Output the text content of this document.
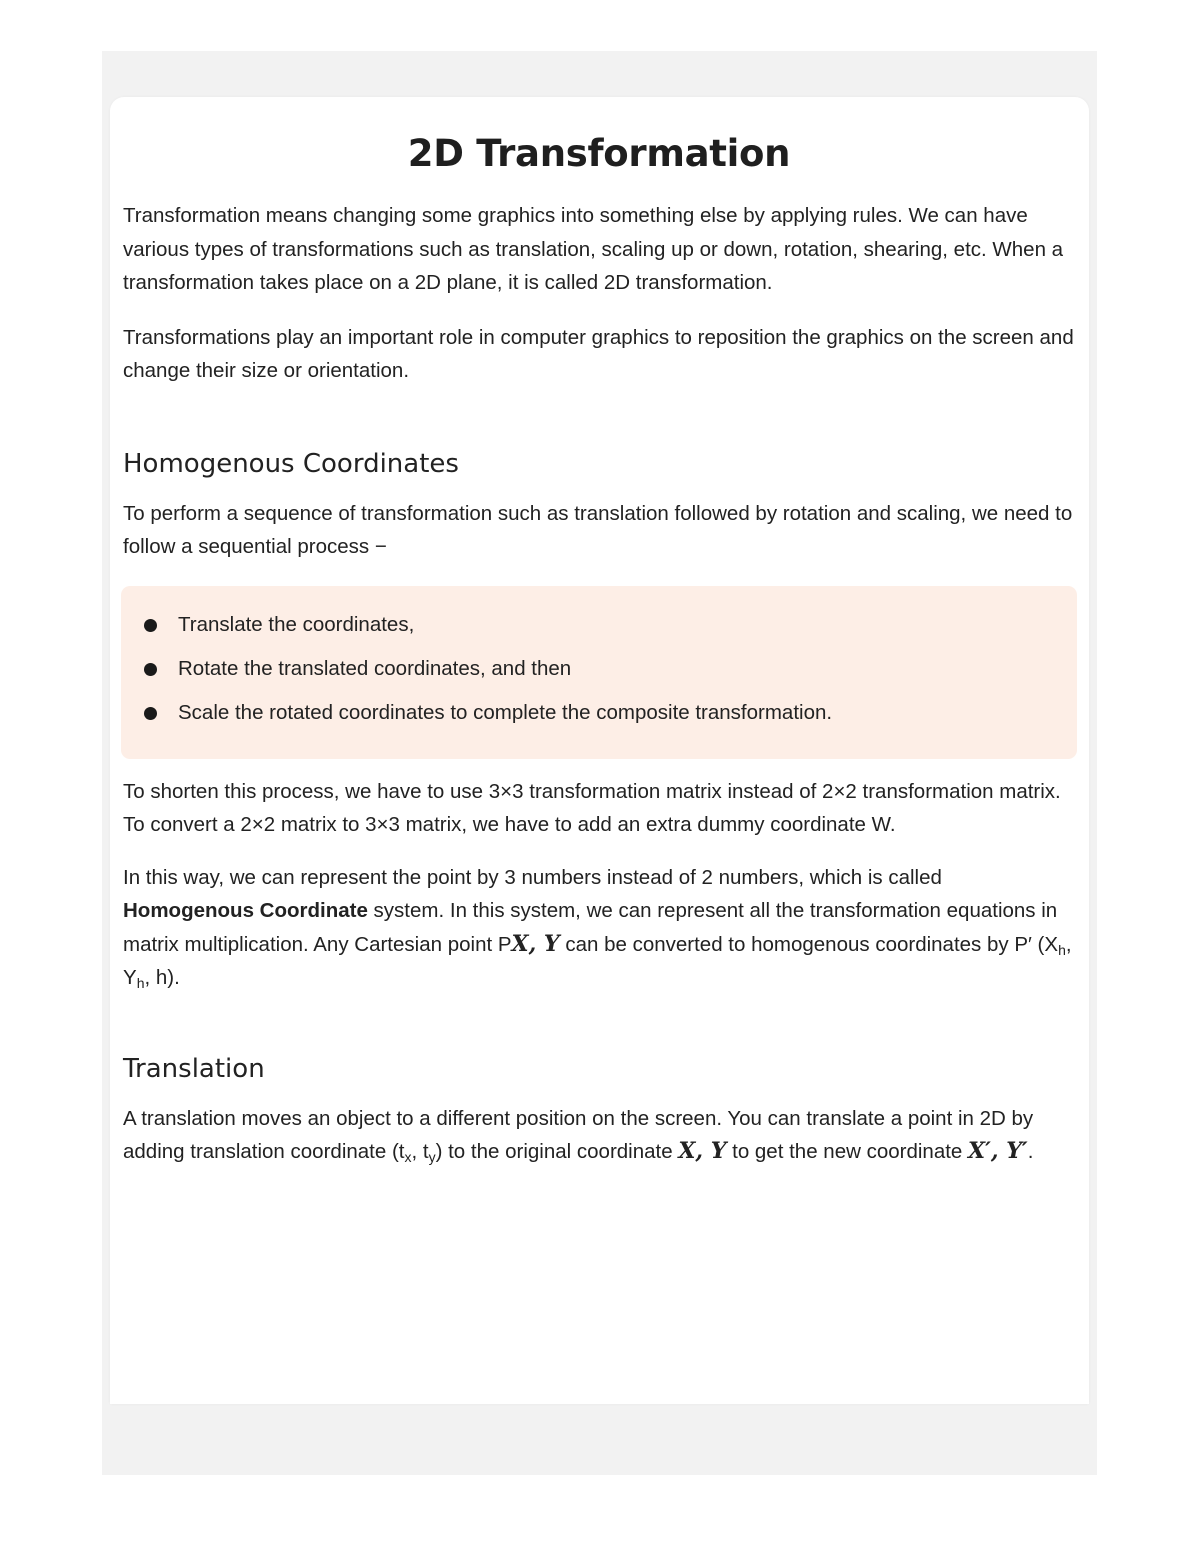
2D Transformation

Transformation means changing some graphics into something else by applying rules. We can have various types of transformations such as translation, scaling up or down, rotation, shearing, etc. When a transformation takes place on a 2D plane, it is called 2D transformation.

Transformations play an important role in computer graphics to reposition the graphics on the screen and change their size or orientation.

Homogenous Coordinates

To perform a sequence of transformation such as translation followed by rotation and scaling, we need to follow a sequential process −

Translate the coordinates,
Rotate the translated coordinates, and then
Scale the rotated coordinates to complete the composite transformation.

To shorten this process, we have to use 3×3 transformation matrix instead of 2×2 transformation matrix. To convert a 2×2 matrix to 3×3 matrix, we have to add an extra dummy coordinate W.

In this way, we can represent the point by 3 numbers instead of 2 numbers, which is called Homogenous Coordinate system. In this system, we can represent all the transformation equations in matrix multiplication. Any Cartesian point PX, Y can be converted to homogenous coordinates by P′ ($X_h$, $Y_h$, h).

Translation

A translation moves an object to a different position on the screen. You can translate a point in 2D by adding translation coordinate ($t_x$, $t_y$) to the original coordinate X, Y to get the new coordinate X′, Y′.
